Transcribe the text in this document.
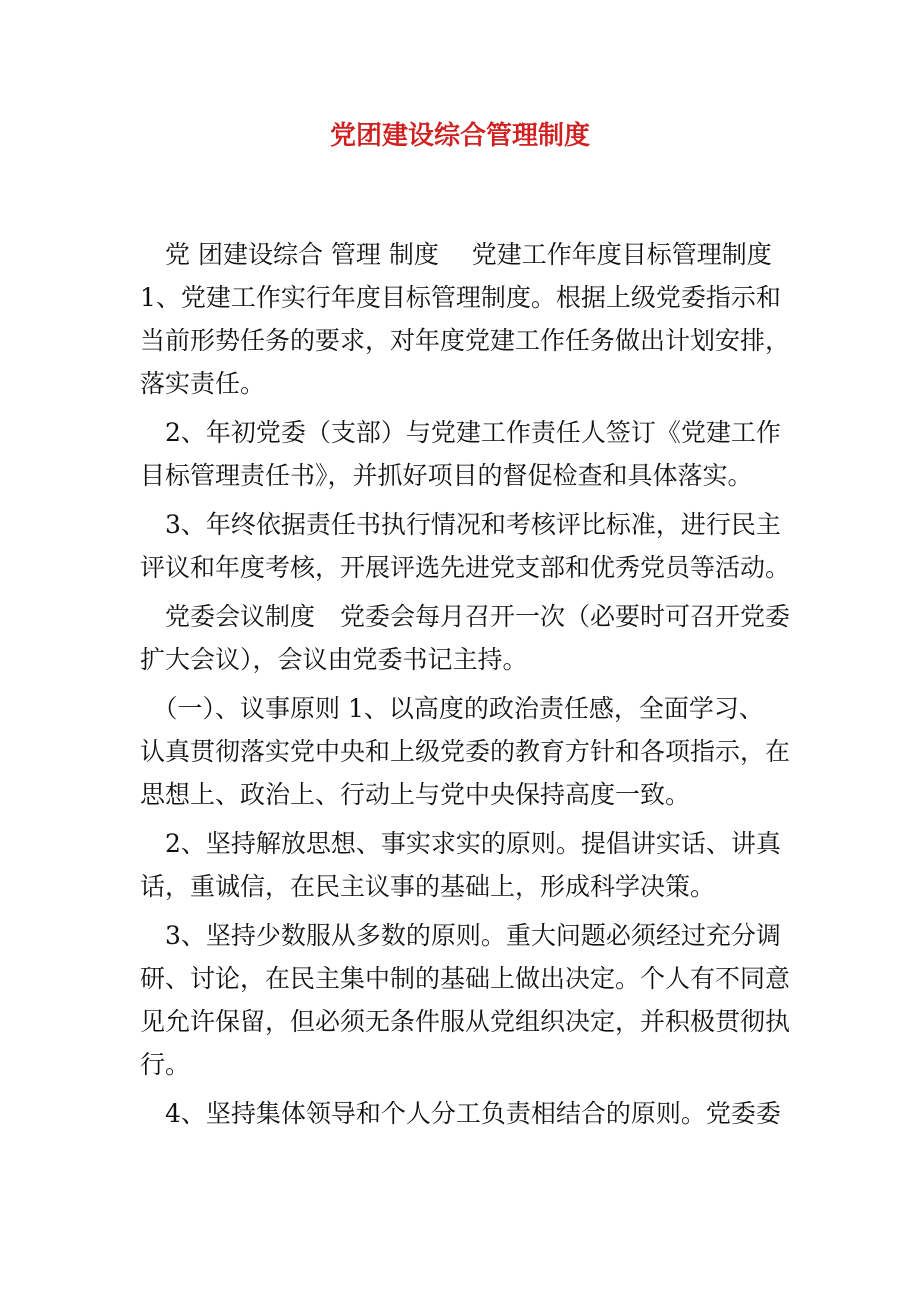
党团建设综合管理制度
　党 团建设综合 管理 制度　 党建工作年度目标管理制度
1、党建工作实行年度目标管理制度。根据上级党委指示和
当前形势任务的要求，对年度党建工作任务做出计划安排，
落实责任。
　2、年初党委（支部）与党建工作责任人签订《党建工作
目标管理责任书》，并抓好项目的督促检查和具体落实。
　3、年终依据责任书执行情况和考核评比标准，进行民主
评议和年度考核，开展评选先进党支部和优秀党员等活动。
　党委会议制度　党委会每月召开一次（必要时可召开党委
扩大会议），会议由党委书记主持。
　（一）、议事原则 1、以高度的政治责任感，全面学习、
认真贯彻落实党中央和上级党委的教育方针和各项指示，在
思想上、政治上、行动上与党中央保持高度一致。
　2、坚持解放思想、事实求实的原则。提倡讲实话、讲真
话，重诚信，在民主议事的基础上，形成科学决策。
　3、坚持少数服从多数的原则。重大问题必须经过充分调
研、讨论，在民主集中制的基础上做出决定。个人有不同意
见允许保留，但必须无条件服从党组织决定，并积极贯彻执
行。
　4、坚持集体领导和个人分工负责相结合的原则。党委委
